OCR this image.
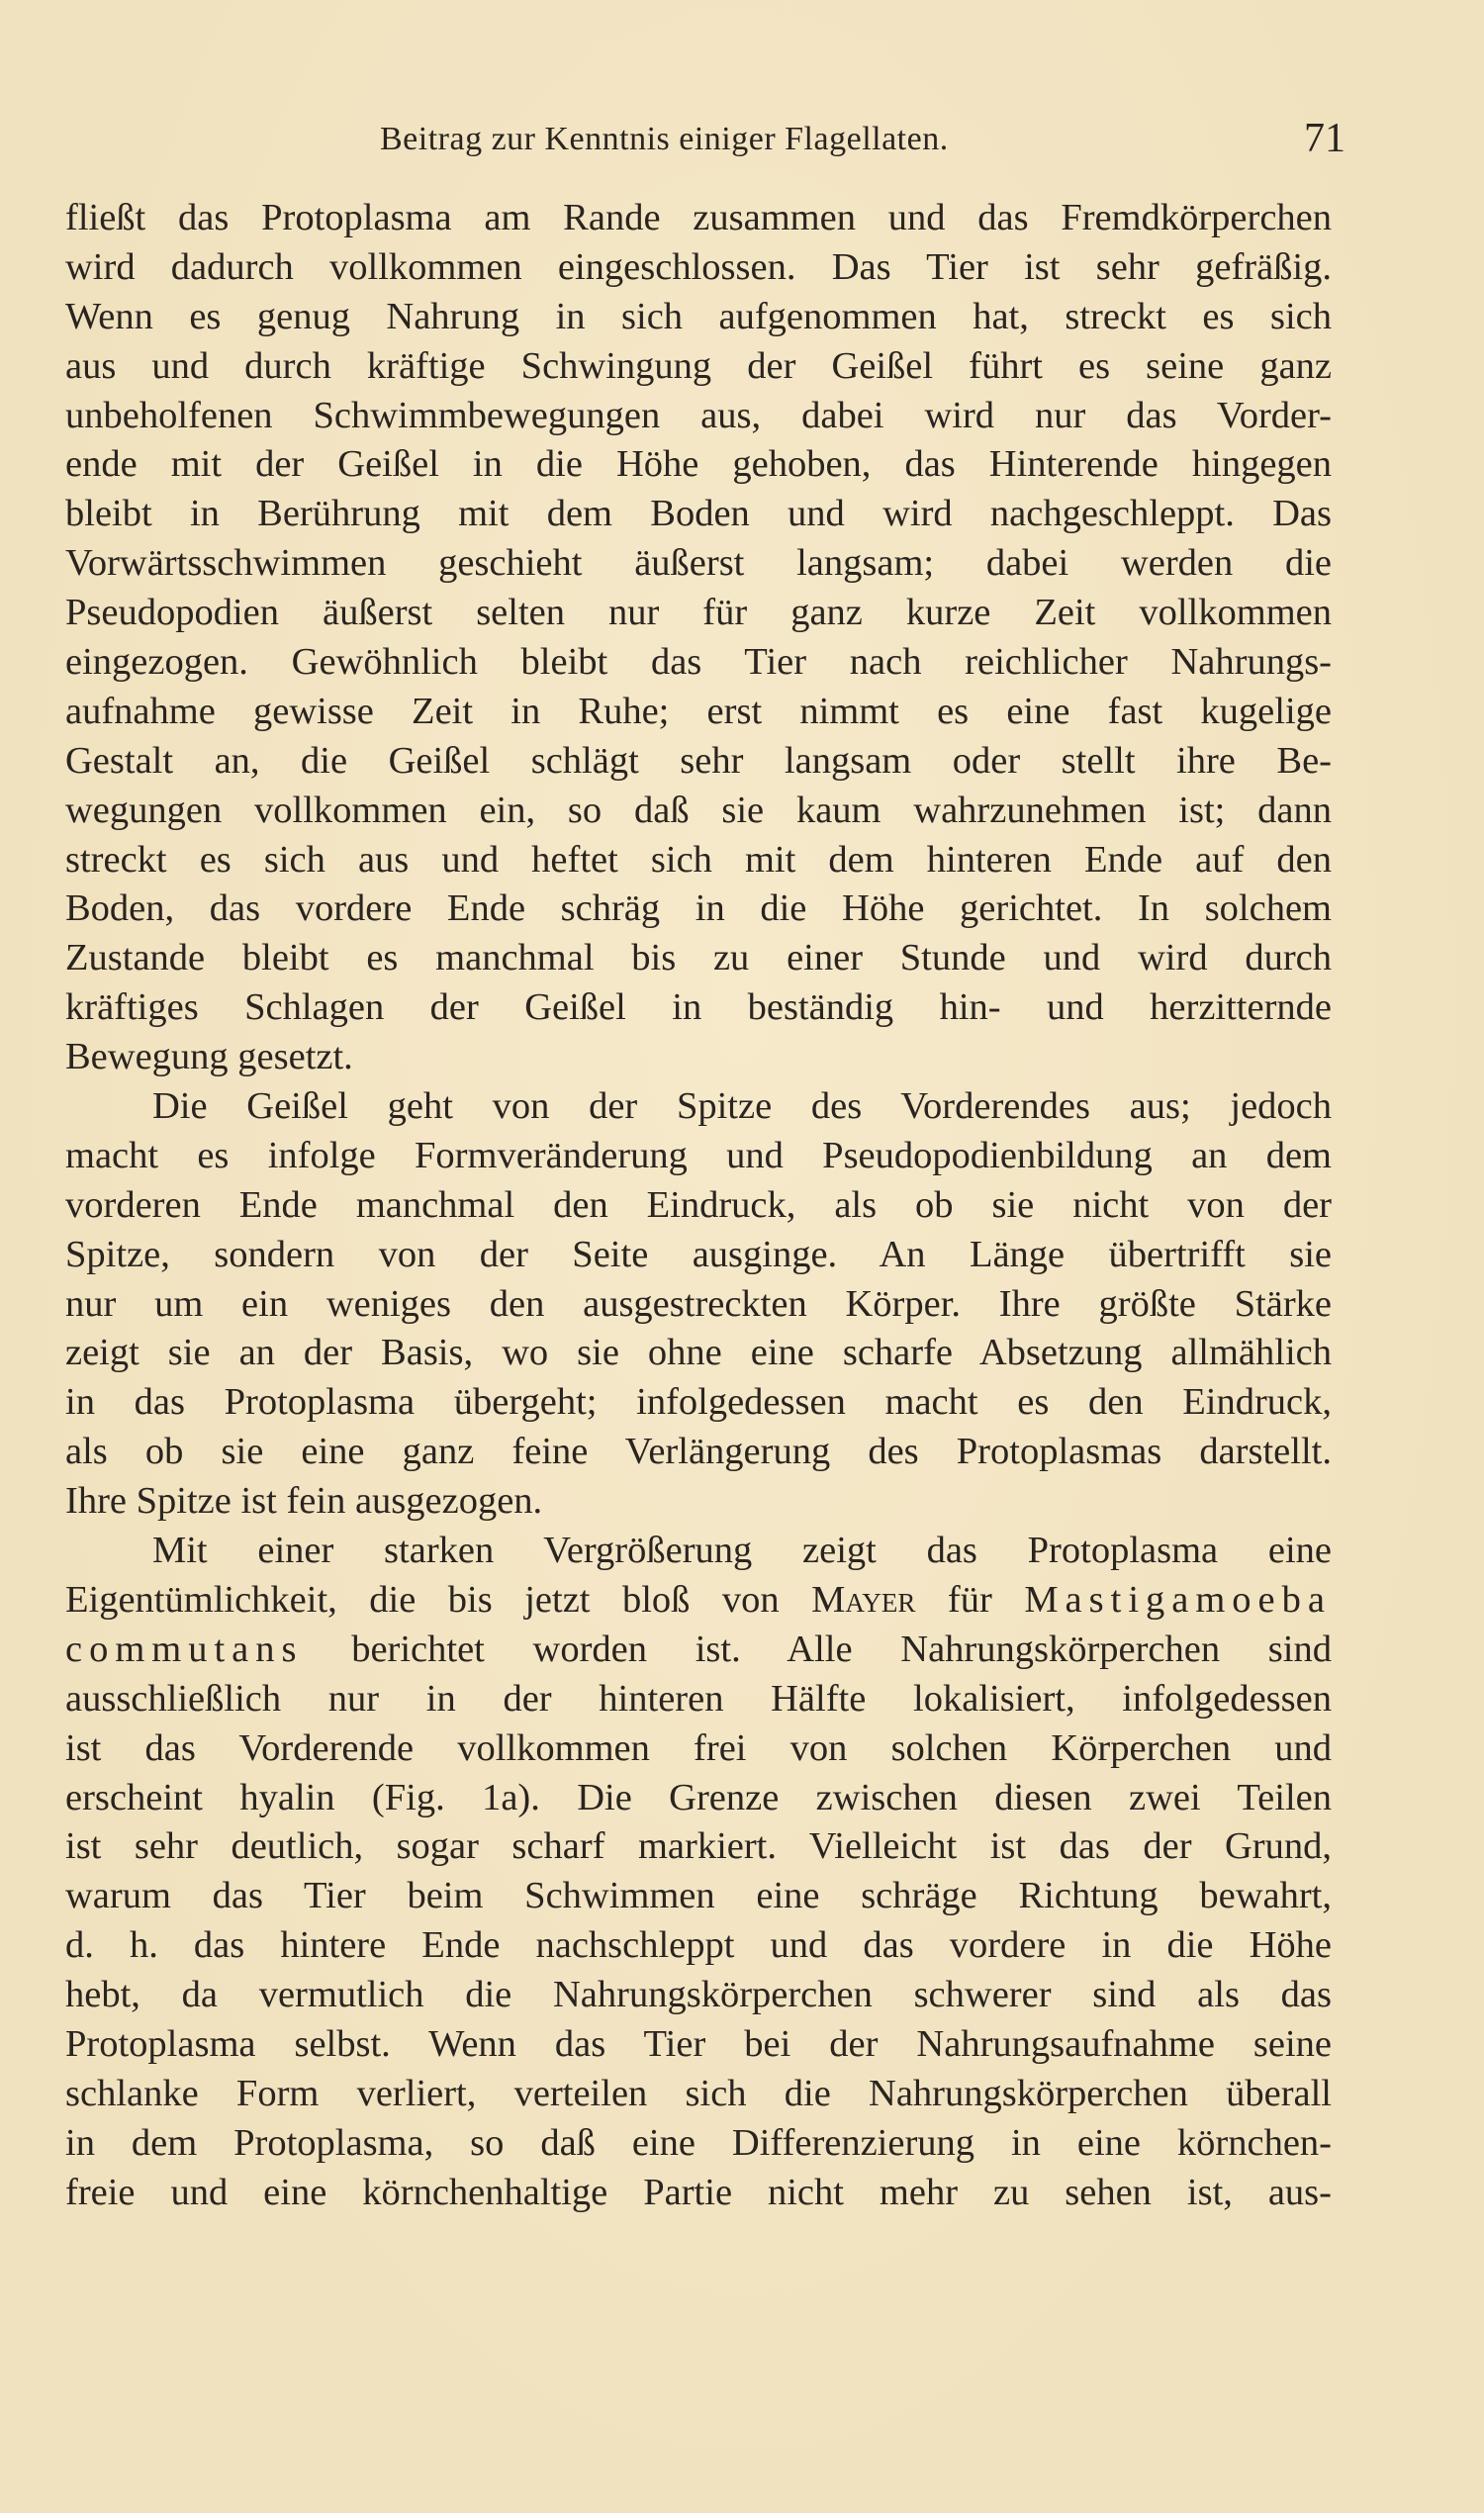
Beitrag zur Kenntnis einiger Flagellaten.	71
fließt das Protoplasma am Rande zusammen und das Fremdkörperchen
wird dadurch vollkommen eingeschlossen. Das Tier ist sehr gefräßig.
Wenn es genug Nahrung in sich aufgenommen hat, streckt es sich
aus und durch kräftige Schwingung der Geißel führt es seine ganz
unbeholfenen Schwimmbewegungen aus, dabei wird nur das Vorder-
ende mit der Geißel in die Höhe gehoben, das Hinterende hingegen
bleibt in Berührung mit dem Boden und wird nachgeschleppt. Das
Vorwärtsschwimmen geschieht äußerst langsam; dabei werden die
Pseudopodien äußerst selten nur für ganz kurze Zeit vollkommen
eingezogen. Gewöhnlich bleibt das Tier nach reichlicher Nahrungs-
aufnahme gewisse Zeit in Ruhe; erst nimmt es eine fast kugelige
Gestalt an, die Geißel schlägt sehr langsam oder stellt ihre Be-
wegungen vollkommen ein, so daß sie kaum wahrzunehmen ist; dann
streckt es sich aus und heftet sich mit dem hinteren Ende auf den
Boden, das vordere Ende schräg in die Höhe gerichtet. In solchem
Zustande bleibt es manchmal bis zu einer Stunde und wird durch
kräftiges Schlagen der Geißel in beständig hin- und herzitternde
Bewegung gesetzt.
Die Geißel geht von der Spitze des Vorderendes aus; jedoch
macht es infolge Formveränderung und Pseudopodienbildung an dem
vorderen Ende manchmal den Eindruck, als ob sie nicht von der
Spitze, sondern von der Seite ausginge. An Länge übertrifft sie
nur um ein weniges den ausgestreckten Körper. Ihre größte Stärke
zeigt sie an der Basis, wo sie ohne eine scharfe Absetzung allmählich
in das Protoplasma übergeht; infolgedessen macht es den Eindruck,
als ob sie eine ganz feine Verlängerung des Protoplasmas darstellt.
Ihre Spitze ist fein ausgezogen.
Mit einer starken Vergrößerung zeigt das Protoplasma eine
Eigentümlichkeit, die bis jetzt bloß von Mayer für Mastigamoeba
commutans berichtet worden ist. Alle Nahrungskörperchen sind
ausschließlich nur in der hinteren Hälfte lokalisiert, infolgedessen
ist das Vorderende vollkommen frei von solchen Körperchen und
erscheint hyalin (Fig. 1a). Die Grenze zwischen diesen zwei Teilen
ist sehr deutlich, sogar scharf markiert. Vielleicht ist das der Grund,
warum das Tier beim Schwimmen eine schräge Richtung bewahrt,
d. h. das hintere Ende nachschleppt und das vordere in die Höhe
hebt, da vermutlich die Nahrungskörperchen schwerer sind als das
Protoplasma selbst. Wenn das Tier bei der Nahrungsaufnahme seine
schlanke Form verliert, verteilen sich die Nahrungskörperchen überall
in dem Protoplasma, so daß eine Differenzierung in eine körnchen-
freie und eine körnchenhaltige Partie nicht mehr zu sehen ist, aus-
